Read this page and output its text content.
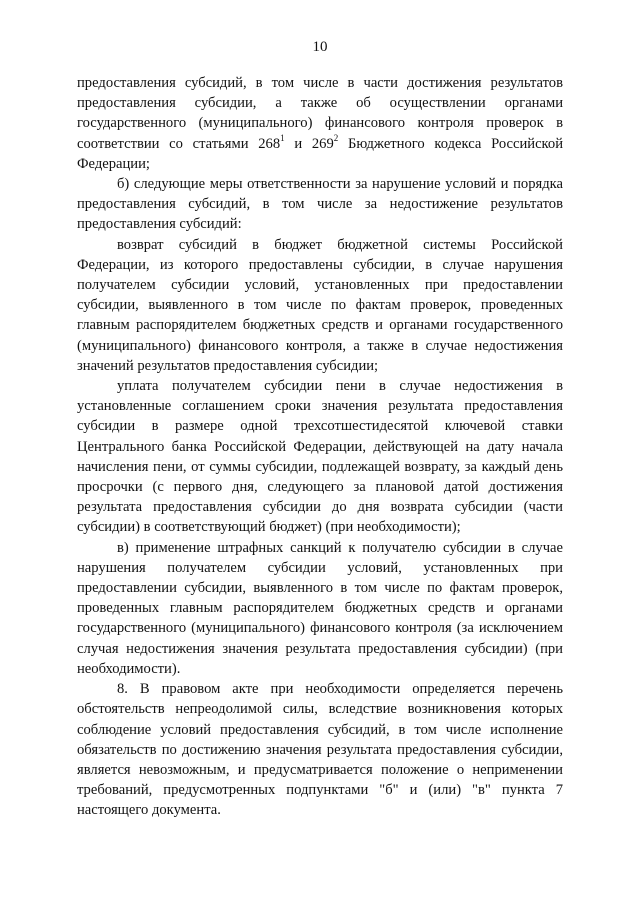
10

предоставления субсидий, в том числе в части достижения результатов предоставления субсидии, а также об осуществлении органами государственного (муниципального) финансового контроля проверок в соответствии со статьями $268^1$ и $269^2$ Бюджетного кодекса Российской Федерации;

б) следующие меры ответственности за нарушение условий и порядка предоставления субсидий, в том числе за недостижение результатов предоставления субсидий:

возврат субсидий в бюджет бюджетной системы Российской Федерации, из которого предоставлены субсидии, в случае нарушения получателем субсидии условий, установленных при предоставлении субсидии, выявленного в том числе по фактам проверок, проведенных главным распорядителем бюджетных средств и органами государственного (муниципального) финансового контроля, а также в случае недостижения значений результатов предоставления субсидии;

уплата получателем субсидии пени в случае недостижения в установленные соглашением сроки значения результата предоставления субсидии в размере одной трехсотшестидесятой ключевой ставки Центрального банка Российской Федерации, действующей на дату начала начисления пени, от суммы субсидии, подлежащей возврату, за каждый день просрочки (с первого дня, следующего за плановой датой достижения результата предоставления субсидии до дня возврата субсидии (части субсидии) в соответствующий бюджет) (при необходимости);

в) применение штрафных санкций к получателю субсидии в случае нарушения получателем субсидии условий, установленных при предоставлении субсидии, выявленного в том числе по фактам проверок, проведенных главным распорядителем бюджетных средств и органами государственного (муниципального) финансового контроля (за исключением случая недостижения значения результата предоставления субсидии) (при необходимости).

8. В правовом акте при необходимости определяется перечень обстоятельств непреодолимой силы, вследствие возникновения которых соблюдение условий предоставления субсидий, в том числе исполнение обязательств по достижению значения результата предоставления субсидии, является невозможным, и предусматривается положение о неприменении требований, предусмотренных подпунктами "б" и (или) "в" пункта 7 настоящего документа.
